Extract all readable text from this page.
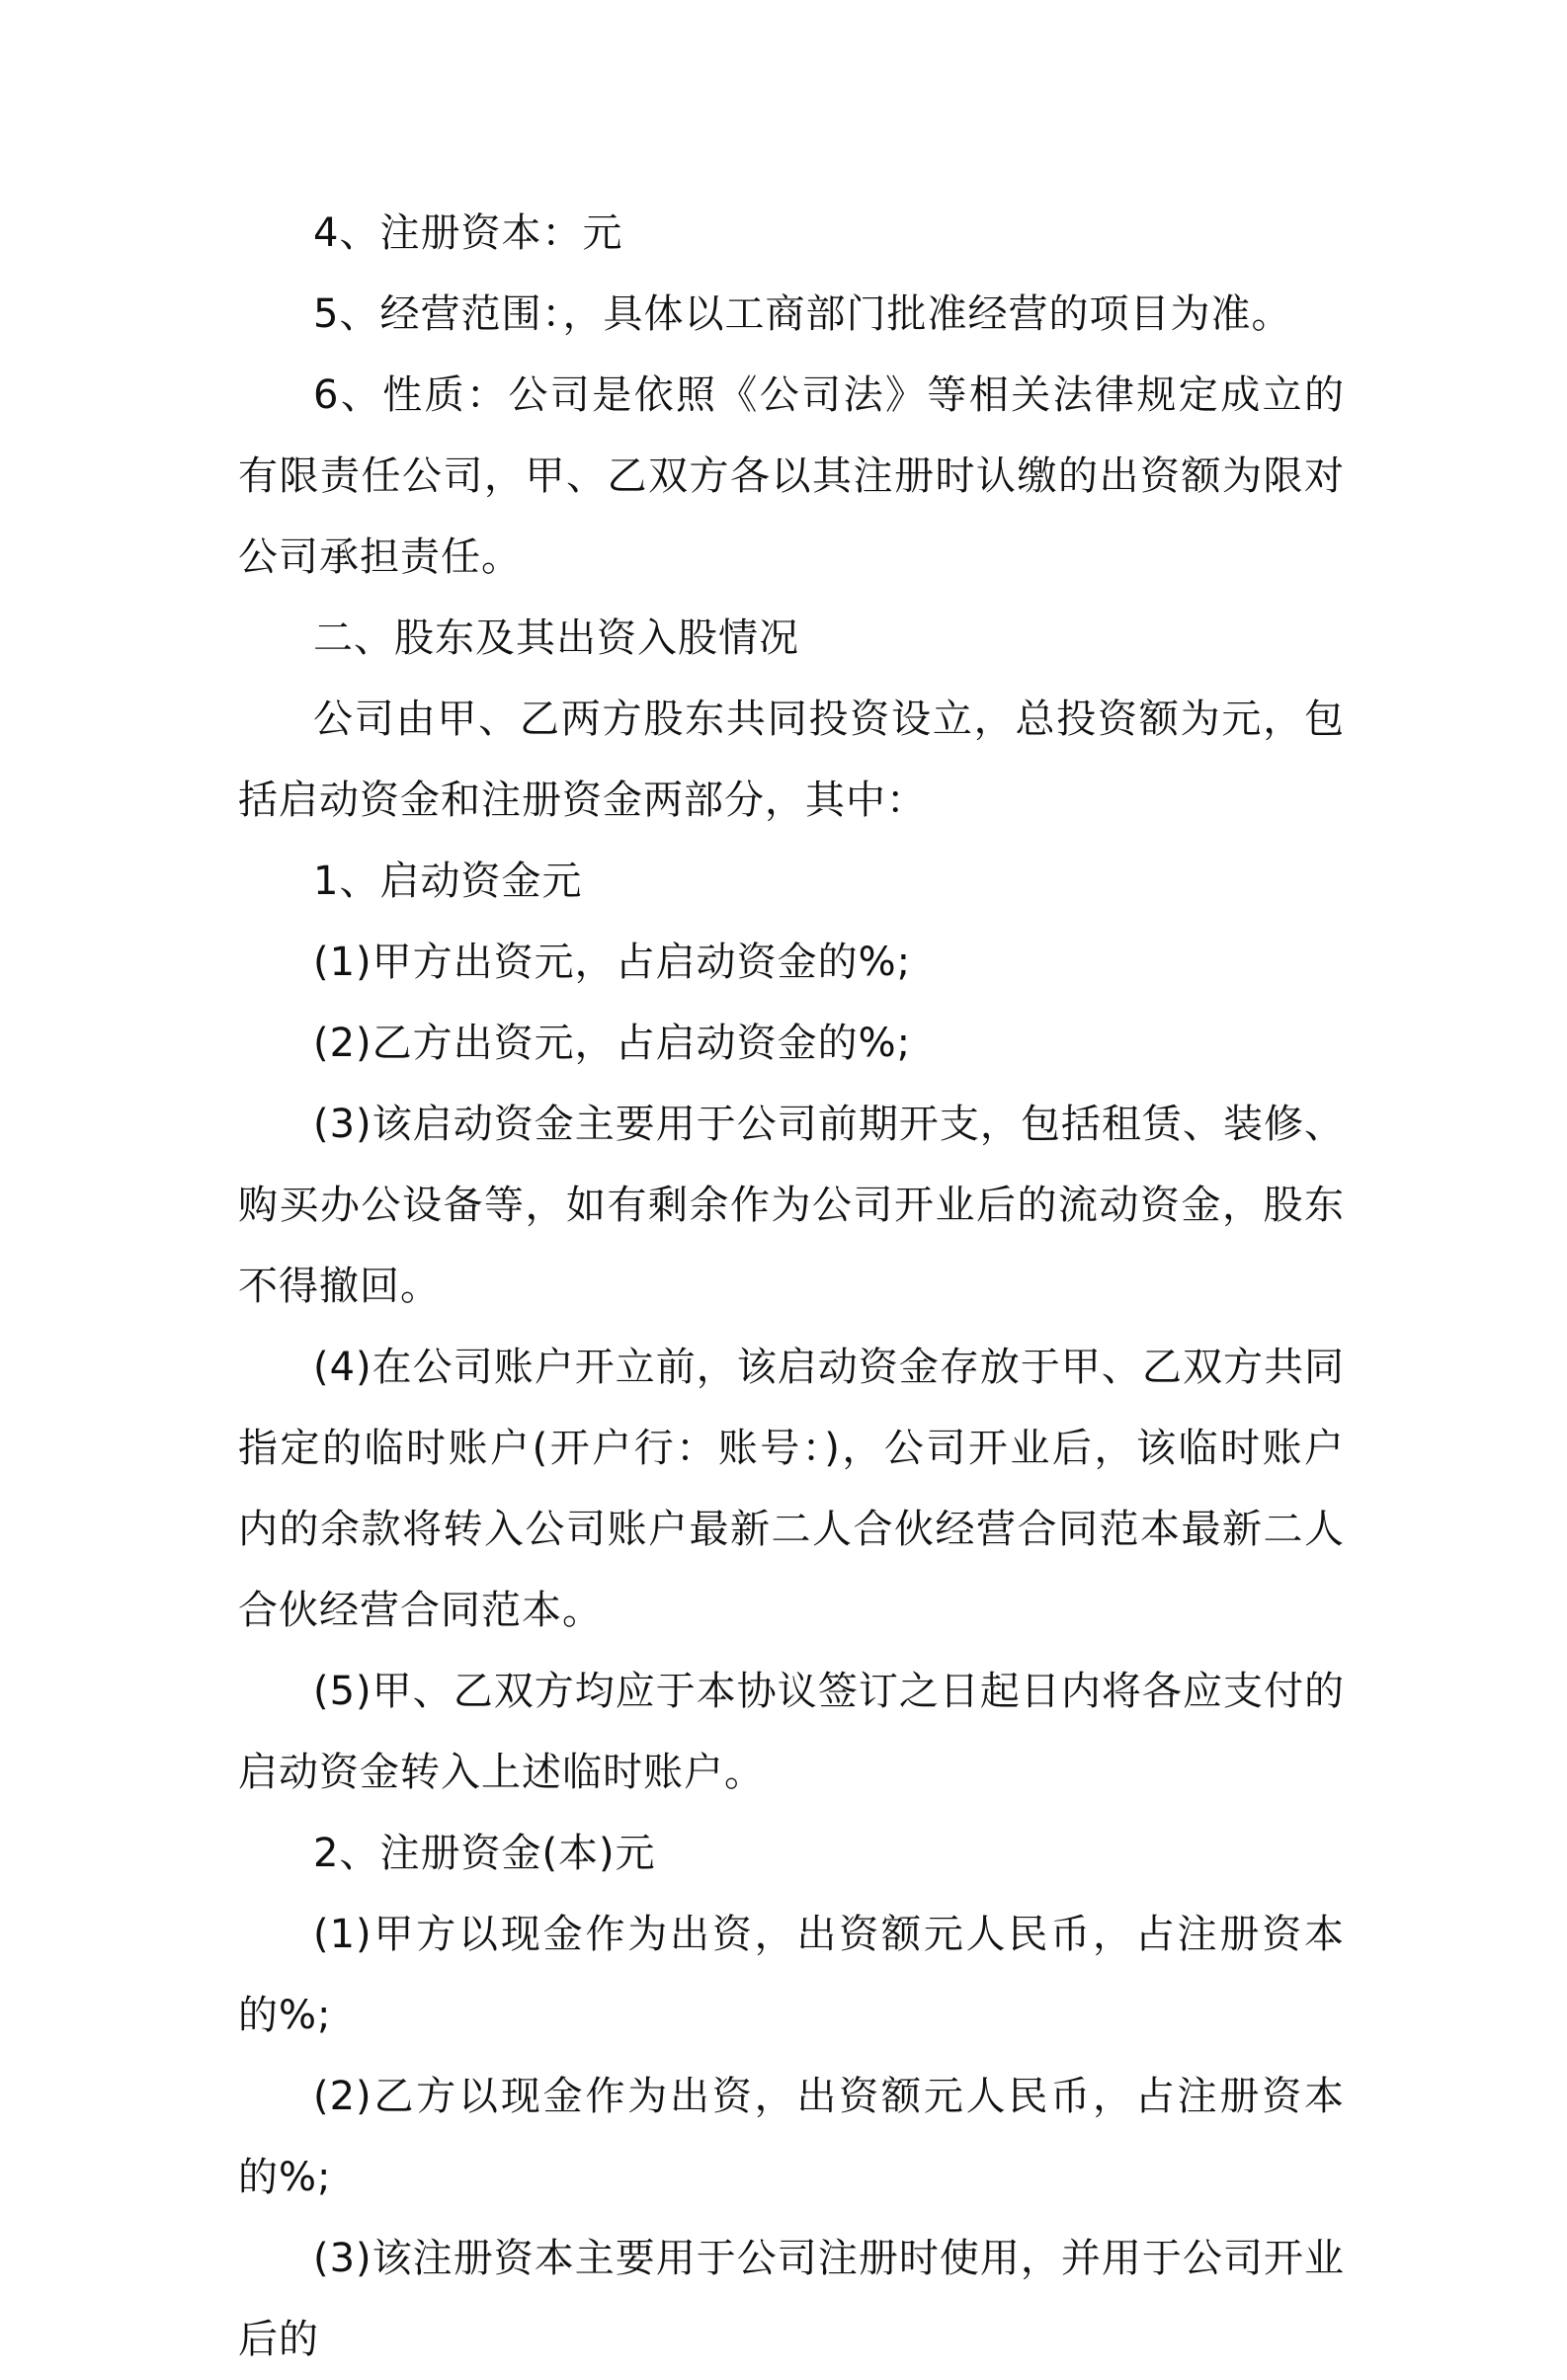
4、注册资本：元

5、经营范围：，具体以工商部门批准经营的项目为准。

6、性质：公司是依照《公司法》等相关法律规定成立的有限责任公司，甲、乙双方各以其注册时认缴的出资额为限对公司承担责任。

二、股东及其出资入股情况

公司由甲、乙两方股东共同投资设立，总投资额为元，包括启动资金和注册资金两部分，其中：

1、启动资金元

(1)甲方出资元，占启动资金的%;

(2)乙方出资元，占启动资金的%;

(3)该启动资金主要用于公司前期开支，包括租赁、装修、购买办公设备等，如有剩余作为公司开业后的流动资金，股东不得撤回。

(4)在公司账户开立前，该启动资金存放于甲、乙双方共同指定的临时账户(开户行：账号：)，公司开业后，该临时账户内的余款将转入公司账户最新二人合伙经营合同范本最新二人合伙经营合同范本。

(5)甲、乙双方均应于本协议签订之日起日内将各应支付的启动资金转入上述临时账户。

2、注册资金(本)元

(1)甲方以现金作为出资，出资额元人民币，占注册资本的%;

(2)乙方以现金作为出资，出资额元人民币，占注册资本的%;

(3)该注册资本主要用于公司注册时使用，并用于公司开业后的
